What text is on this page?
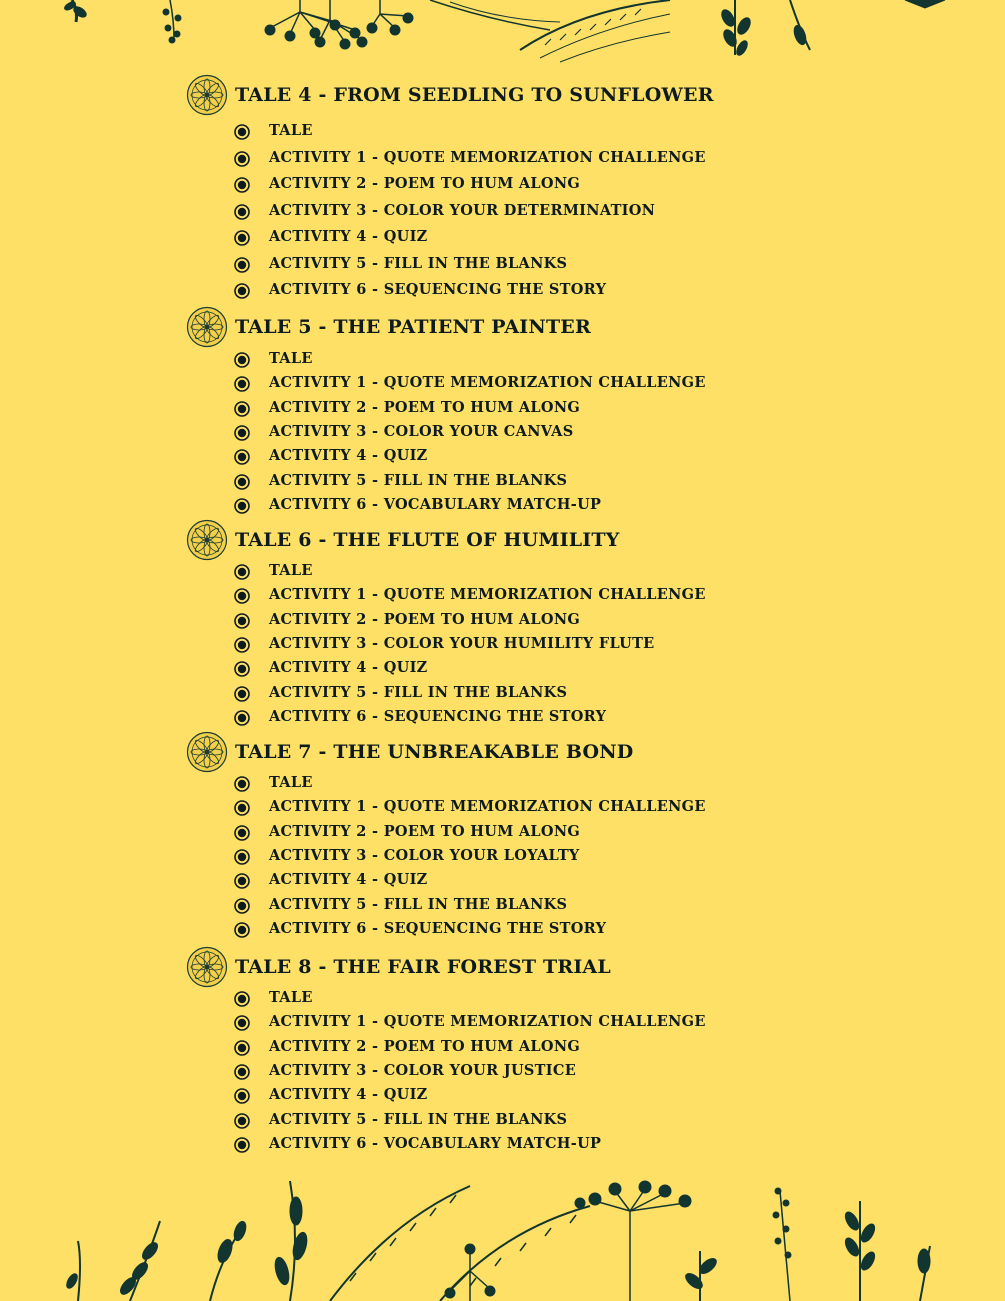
TALE 4 - FROM SEEDLING TO SUNFLOWER
TALE
ACTIVITY 1 - QUOTE MEMORIZATION CHALLENGE
ACTIVITY 2 - POEM TO HUM ALONG
ACTIVITY 3 - COLOR YOUR DETERMINATION
ACTIVITY 4 - QUIZ
ACTIVITY 5 - FILL IN THE BLANKS
ACTIVITY 6 - SEQUENCING THE STORY
TALE 5 - THE PATIENT PAINTER
TALE
ACTIVITY 1 - QUOTE MEMORIZATION CHALLENGE
ACTIVITY 2 - POEM TO HUM ALONG
ACTIVITY 3 - COLOR YOUR CANVAS
ACTIVITY 4 - QUIZ
ACTIVITY 5 - FILL IN THE BLANKS
ACTIVITY 6 - VOCABULARY MATCH-UP
TALE 6 - THE FLUTE OF HUMILITY
TALE
ACTIVITY 1 - QUOTE MEMORIZATION CHALLENGE
ACTIVITY 2 - POEM TO HUM ALONG
ACTIVITY 3 - COLOR YOUR HUMILITY FLUTE
ACTIVITY 4 - QUIZ
ACTIVITY 5 - FILL IN THE BLANKS
ACTIVITY 6 - SEQUENCING THE STORY
TALE 7 - THE UNBREAKABLE BOND
TALE
ACTIVITY 1 - QUOTE MEMORIZATION CHALLENGE
ACTIVITY 2 - POEM TO HUM ALONG
ACTIVITY 3 - COLOR YOUR LOYALTY
ACTIVITY 4 - QUIZ
ACTIVITY 5 - FILL IN THE BLANKS
ACTIVITY 6 - SEQUENCING THE STORY
TALE 8 - THE FAIR FOREST TRIAL
TALE
ACTIVITY 1 - QUOTE MEMORIZATION CHALLENGE
ACTIVITY 2 - POEM TO HUM ALONG
ACTIVITY 3 - COLOR YOUR JUSTICE
ACTIVITY 4 - QUIZ
ACTIVITY 5 - FILL IN THE BLANKS
ACTIVITY 6 - VOCABULARY MATCH-UP
